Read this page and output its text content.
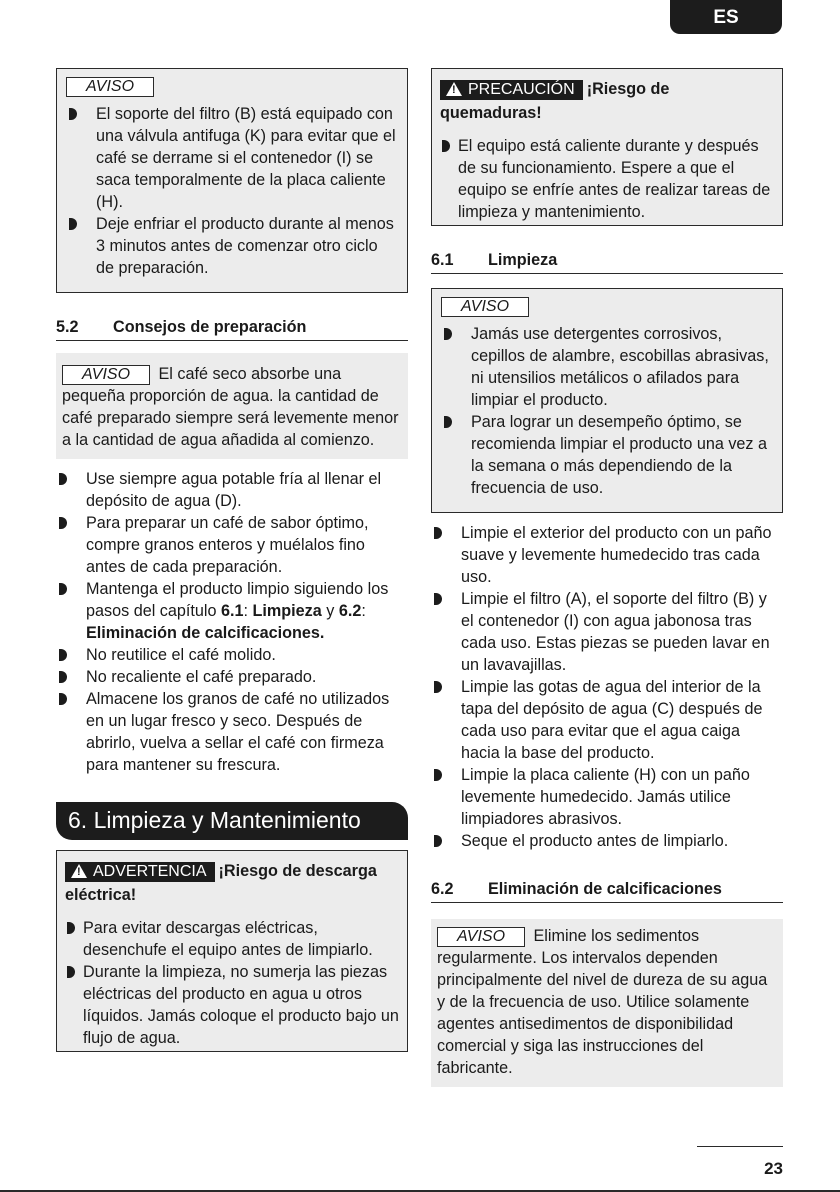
ES
AVISO
El soporte del filtro (B) está equipado con una válvula antifuga (K) para evitar que el café se derrame si el contenedor (I) se saca temporalmente de la placa caliente (H).
Deje enfriar el producto durante al menos 3 minutos antes de comenzar otro ciclo de preparación.
5.2 Consejos de preparación
AVISO El café seco absorbe una pequeña proporción de agua. la cantidad de café preparado siempre será levemente menor a la cantidad de agua añadida al comienzo.
Use siempre agua potable fría al llenar el depósito de agua (D).
Para preparar un café de sabor óptimo, compre granos enteros y muélalos fino antes de cada preparación.
Mantenga el producto limpio siguiendo los pasos del capítulo 6.1: Limpieza y 6.2: Eliminación de calcificaciones.
No reutilice el café molido.
No recaliente el café preparado.
Almacene los granos de café no utilizados en un lugar fresco y seco. Después de abrirlo, vuelva a sellar el café con firmeza para mantener su frescura.
6. Limpieza y Mantenimiento
!ADVERTENCIA ¡Riesgo de descarga eléctrica!
Para evitar descargas eléctricas, desenchufe el equipo antes de limpiarlo.
Durante la limpieza, no sumerja las piezas eléctricas del producto en agua u otros líquidos. Jamás coloque el producto bajo un flujo de agua.
!PRECAUCIÓN ¡Riesgo de quemaduras!
El equipo está caliente durante y después de su funcionamiento. Espere a que el equipo se enfríe antes de realizar tareas de limpieza y mantenimiento.
6.1 Limpieza
AVISO
Jamás use detergentes corrosivos, cepillos de alambre, escobillas abrasivas, ni utensilios metálicos o afilados para limpiar el producto.
Para lograr un desempeño óptimo, se recomienda limpiar el producto una vez a la semana o más dependiendo de la frecuencia de uso.
Limpie el exterior del producto con un paño suave y levemente humedecido tras cada uso.
Limpie el filtro (A), el soporte del filtro (B) y el contenedor (I) con agua jabonosa tras cada uso. Estas piezas se pueden lavar en un lavavajillas.
Limpie las gotas de agua del interior de la tapa del depósito de agua (C) después de cada uso para evitar que el agua caiga hacia la base del producto.
Limpie la placa caliente (H) con un paño levemente humedecido. Jamás utilice limpiadores abrasivos.
Seque el producto antes de limpiarlo.
6.2 Eliminación de calcificaciones
AVISO Elimine los sedimentos regularmente. Los intervalos dependen principalmente del nivel de dureza de su agua y de la frecuencia de uso. Utilice solamente agentes antisedimentos de disponibilidad comercial y siga las instrucciones del fabricante.
23
